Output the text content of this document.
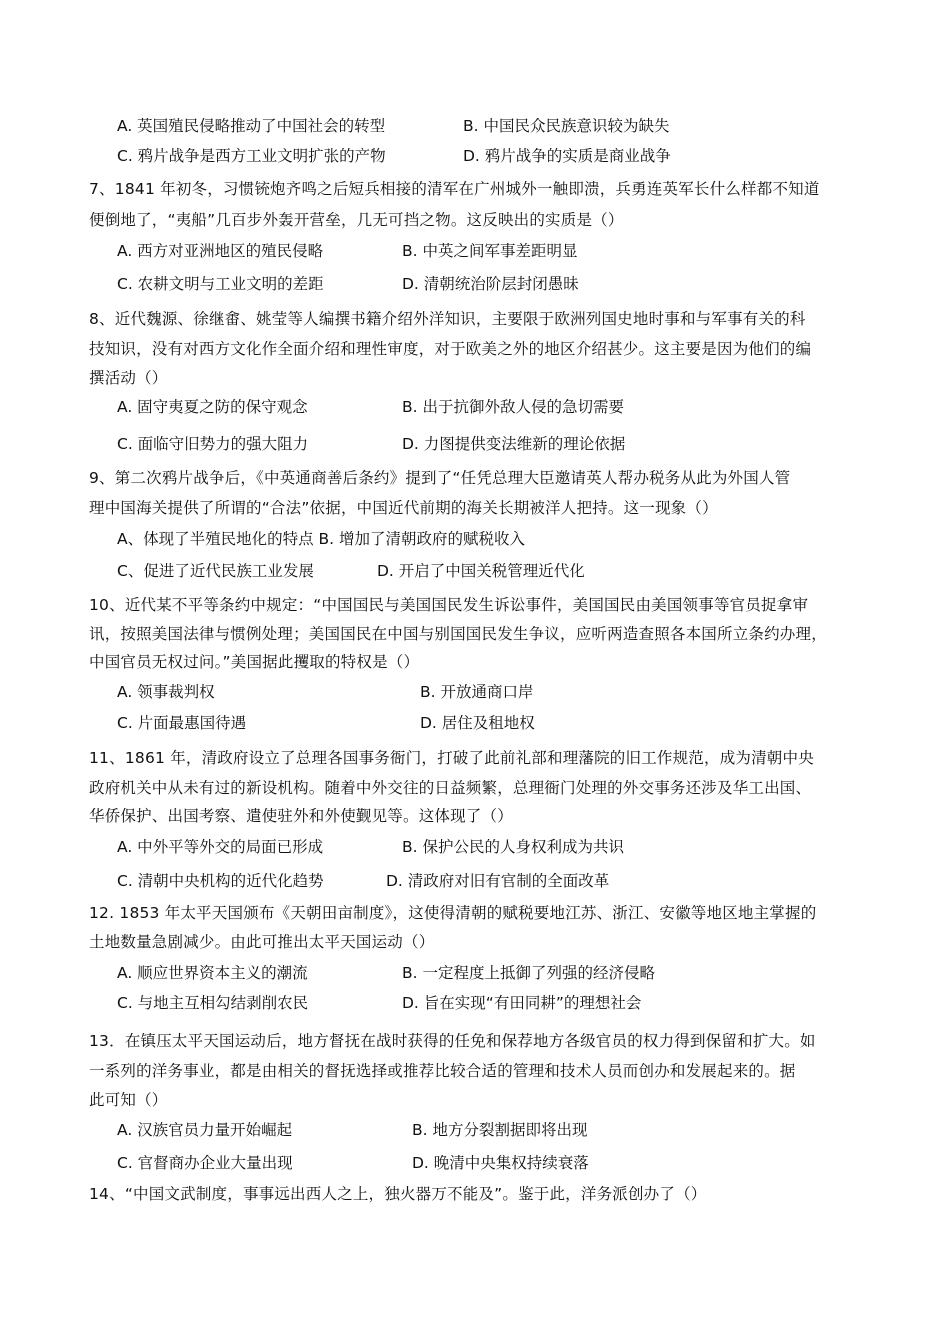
A. 英国殖民侵略推动了中国社会的转型	B. 中国民众民族意识较为缺失
C. 鸦片战争是西方工业文明扩张的产物	D. 鸦片战争的实质是商业战争
7、1841 年初冬，习惯铳炮齐鸣之后短兵相接的清军在广州城外一触即溃，兵勇连英军长什么样都不知道
便倒地了，“夷船”几百步外轰开营垒，几无可挡之物。这反映出的实质是（）
A. 西方对亚洲地区的殖民侵略	B. 中英之间军事差距明显
C. 农耕文明与工业文明的差距	D. 清朝统治阶层封闭愚昧
8、近代魏源、徐继畬、姚莹等人编撰书籍介绍外洋知识，主要限于欧洲列国史地时事和与军事有关的科
技知识，没有对西方文化作全面介绍和理性审度，对于欧美之外的地区介绍甚少。这主要是因为他们的编
撰活动（）
A. 固守夷夏之防的保守观念	B. 出于抗御外敌人侵的急切需要
C. 面临守旧势力的强大阻力	D. 力图提供变法维新的理论依据
9、第二次鸦片战争后，《中英通商善后条约》提到了“任凭总理大臣邀请英人帮办税务从此为外国人管
理中国海关提供了所谓的“合法”依据，中国近代前期的海关长期被洋人把持。这一现象（）
A、体现了半殖民地化的特点 B. 增加了清朝政府的赋税收入
C、促进了近代民族工业发展	D. 开启了中国关税管理近代化
10、近代某不平等条约中规定：“中国国民与美国国民发生诉讼事件，美国国民由美国领事等官员捉拿审
讯，按照美国法律与惯例处理；美国国民在中国与别国国民发生争议，应听两造查照各本国所立条约办理，
中国官员无权过问。”美国据此攫取的特权是（）
A. 领事裁判权	B. 开放通商口岸
C. 片面最惠国待遇	D. 居住及租地权
11、1861 年，清政府设立了总理各国事务衙门，打破了此前礼部和理藩院的旧工作规范，成为清朝中央
政府机关中从未有过的新设机构。随着中外交往的日益频繁，总理衙门处理的外交事务还涉及华工出国、
华侨保护、出国考察、遣使驻外和外使觐见等。这体现了（）
A. 中外平等外交的局面已形成	B. 保护公民的人身权利成为共识
C. 清朝中央机构的近代化趋势	D. 清政府对旧有官制的全面改革
12. 1853 年太平天国颁布《天朝田亩制度》，这使得清朝的赋税要地江苏、浙江、安徽等地区地主掌握的
土地数量急剧减少。由此可推出太平天国运动（）
A. 顺应世界资本主义的潮流	B. 一定程度上抵御了列强的经济侵略
C. 与地主互相勾结剥削农民	D. 旨在实现“有田同耕”的理想社会
13．在镇压太平天国运动后，地方督抚在战时获得的任免和保荐地方各级官员的权力得到保留和扩大。如
一系列的洋务事业，都是由相关的督抚选择或推荐比较合适的管理和技术人员而创办和发展起来的。据
此可知（）
A. 汉族官员力量开始崛起	B. 地方分裂割据即将出现
C. 官督商办企业大量出现	D. 晚清中央集权持续衰落
14、“中国文武制度，事事远出西人之上，独火器万不能及”。鉴于此，洋务派创办了（）
